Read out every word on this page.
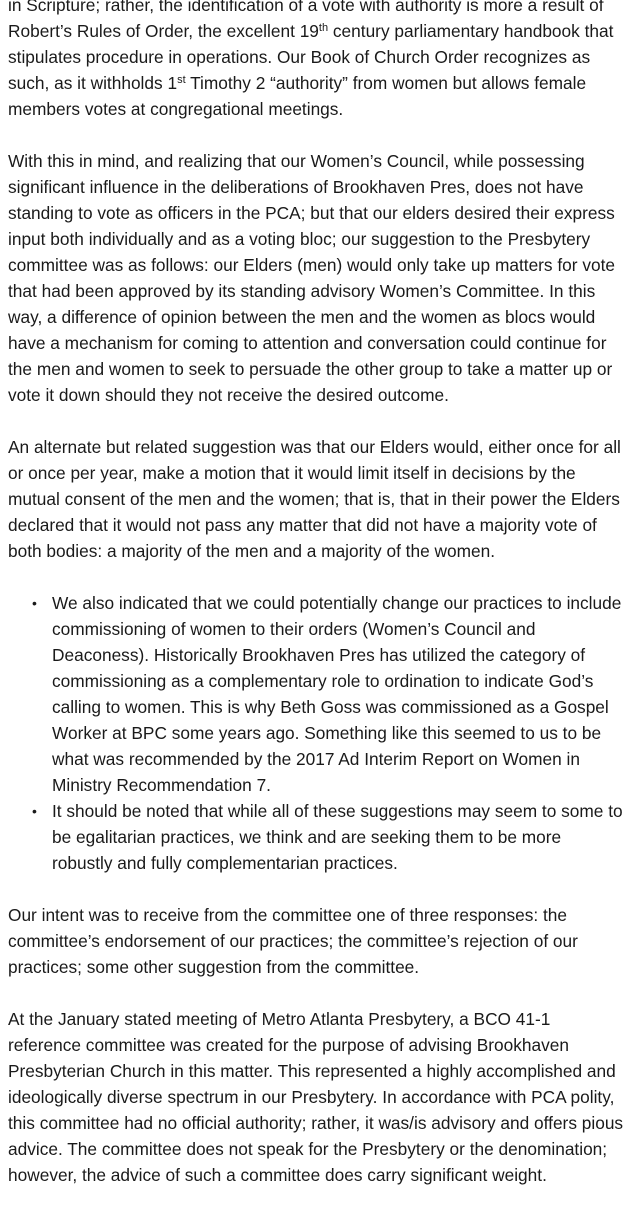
in Scripture; rather, the identification of a vote with authority is more a result of Robert’s Rules of Order, the excellent 19th century parliamentary handbook that stipulates procedure in operations. Our Book of Church Order recognizes as such, as it withholds 1st Timothy 2 “authority” from women but allows female members votes at congregational meetings.

With this in mind, and realizing that our Women’s Council, while possessing significant influence in the deliberations of Brookhaven Pres, does not have standing to vote as officers in the PCA; but that our elders desired their express input both individually and as a voting bloc; our suggestion to the Presbytery committee was as follows: our Elders (men) would only take up matters for vote that had been approved by its standing advisory Women’s Committee. In this way, a difference of opinion between the men and the women as blocs would have a mechanism for coming to attention and conversation could continue for the men and women to seek to persuade the other group to take a matter up or vote it down should they not receive the desired outcome.

An alternate but related suggestion was that our Elders would, either once for all or once per year, make a motion that it would limit itself in decisions by the mutual consent of the men and the women; that is, that in their power the Elders declared that it would not pass any matter that did not have a majority vote of both bodies: a majority of the men and a majority of the women.

• We also indicated that we could potentially change our practices to include commissioning of women to their orders (Women’s Council and Deaconess). Historically Brookhaven Pres has utilized the category of commissioning as a complementary role to ordination to indicate God’s calling to women. This is why Beth Goss was commissioned as a Gospel Worker at BPC some years ago. Something like this seemed to us to be what was recommended by the 2017 Ad Interim Report on Women in Ministry Recommendation 7.
• It should be noted that while all of these suggestions may seem to some to be egalitarian practices, we think and are seeking them to be more robustly and fully complementarian practices.

Our intent was to receive from the committee one of three responses: the committee’s endorsement of our practices; the committee’s rejection of our practices; some other suggestion from the committee.

At the January stated meeting of Metro Atlanta Presbytery, a BCO 41-1 reference committee was created for the purpose of advising Brookhaven Presbyterian Church in this matter. This represented a highly accomplished and ideologically diverse spectrum in our Presbytery. In accordance with PCA polity, this committee had no official authority; rather, it was/is advisory and offers pious advice. The committee does not speak for the Presbytery or the denomination; however, the advice of such a committee does carry significant weight.
